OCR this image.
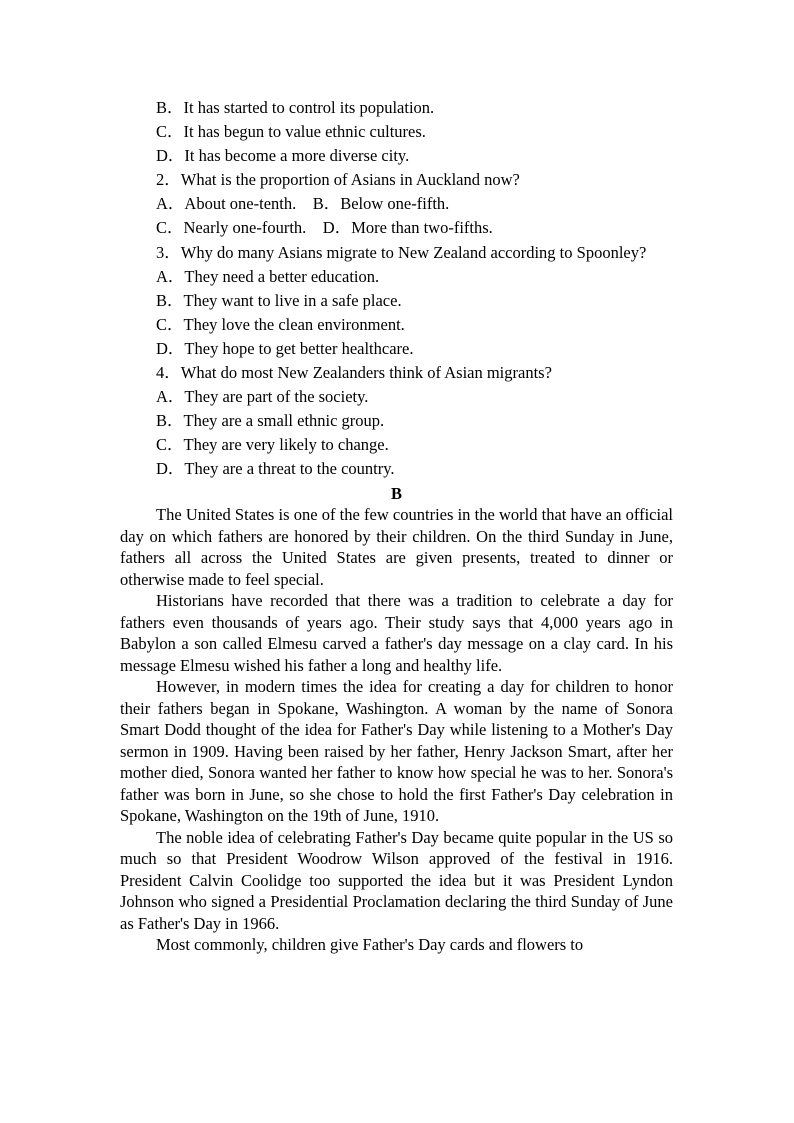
B．It has started to control its population.
C．It has begun to value ethnic cultures.
D．It has become a more diverse city.
2．What is the proportion of Asians in Auckland now?
A．About one-tenth.    B．Below one-fifth.
C．Nearly one-fourth.    D．More than two-fifths.
3．Why do many Asians migrate to New Zealand according to Spoonley?
A．They need a better education.
B．They want to live in a safe place.
C．They love the clean environment.
D．They hope to get better healthcare.
4．What do most New Zealanders think of Asian migrants?
A．They are part of the society.
B．They are a small ethnic group.
C．They are very likely to change.
D．They are a threat to the country.
B

The United States is one of the few countries in the world that have an official day on which fathers are honored by their children. On the third Sunday in June, fathers all across the United States are given presents, treated to dinner or otherwise made to feel special.

Historians have recorded that there was a tradition to celebrate a day for fathers even thousands of years ago. Their study says that 4,000 years ago in Babylon a son called Elmesu carved a father's day message on a clay card. In his message Elmesu wished his father a long and healthy life.

However, in modern times the idea for creating a day for children to honor their fathers began in Spokane, Washington. A woman by the name of Sonora Smart Dodd thought of the idea for Father's Day while listening to a Mother's Day sermon in 1909. Having been raised by her father, Henry Jackson Smart, after her mother died, Sonora wanted her father to know how special he was to her. Sonora's father was born in June, so she chose to hold the first Father's Day celebration in Spokane, Washington on the 19th of June, 1910.

The noble idea of celebrating Father's Day became quite popular in the US so much so that President Woodrow Wilson approved of the festival in 1916. President Calvin Coolidge too supported the idea but it was President Lyndon Johnson who signed a Presidential Proclamation declaring the third Sunday of June as Father's Day in 1966.

Most commonly, children give Father's Day cards and flowers to
